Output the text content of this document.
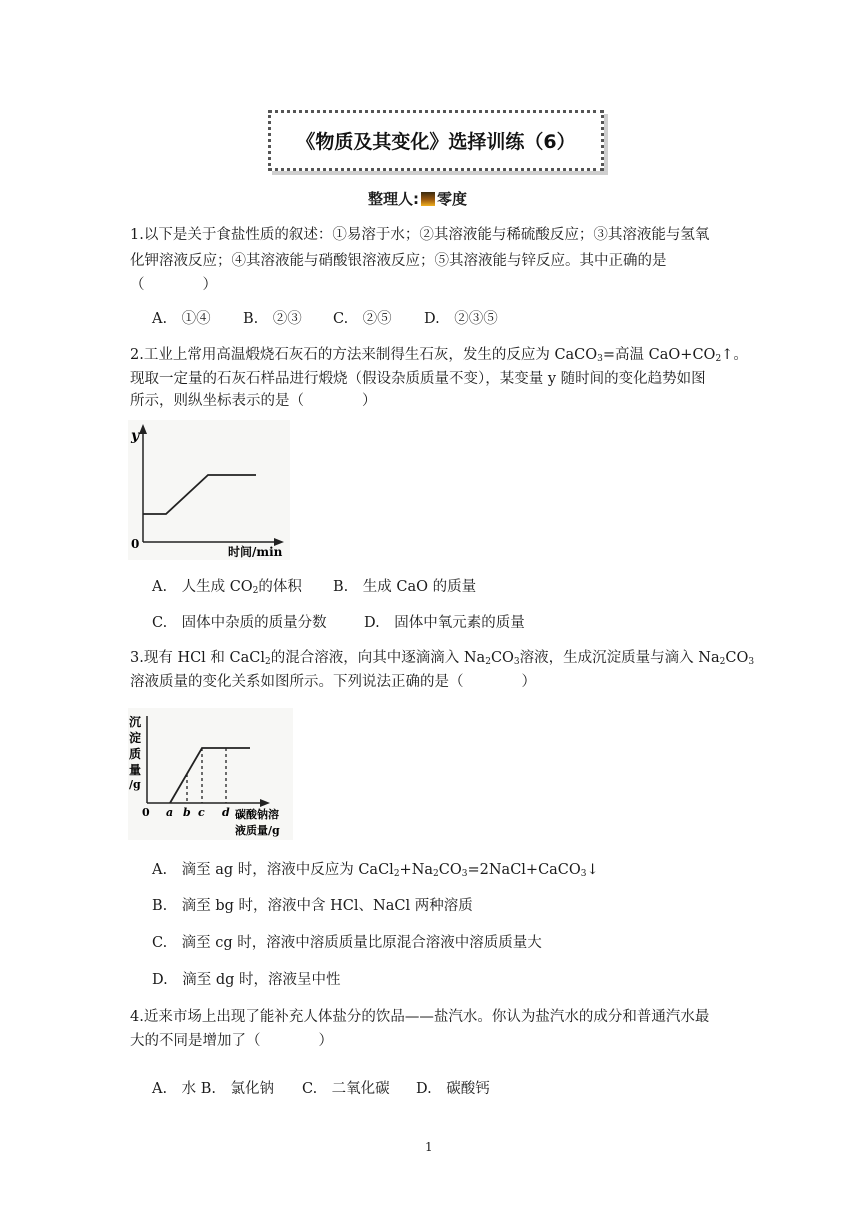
《物质及其变化》选择训练（6）
整理人: 零度
1.以下是关于食盐性质的叙述：①易溶于水；②其溶液能与稀硫酸反应；③其溶液能与氢氧
化钾溶液反应；④其溶液能与硝酸银溶液反应；⑤其溶液能与锌反应。其中正确的是
（　　　　）
A.　①④ B.　②③ C.　②⑤ D.　②③⑤
2.工业上常用高温煅烧石灰石的方法来制得生石灰，发生的反应为 CaCO$_3$=高温 $CaO+CO_2↑$。
现取一定量的石灰石样品进行煅烧（假设杂质质量不变），某变量 y 随时间的变化趋势如图
所示，则纵坐标表示的是（　　　　）
y
0
时间/min
A.　人生成 $CO_2$的体积 B.　生成 CaO 的质量
C.　固体中杂质的质量分数	D.　固体中氧元素的质量
3.现有 HCl 和 CaCl$_2$的混合溶液，向其中逐滴滴入 $Na_2CO_3$溶液，生成沉淀质量与滴入 $Na_2CO_3$
溶液质量的变化关系如图所示。下列说法正确的是（　　　　）
沉
淀
质
量
/g
0 a b c d 碳酸钠溶
液质量/g
A.　滴至 ag 时，溶液中反应为 $CaCl_2+Na_2CO_3=2NaCl+CaCO_3↓$
B.　滴至 bg 时，溶液中含 HCl、NaCl 两种溶质
C.　滴至 cg 时，溶液中溶质质量比原混合溶液中溶质质量大
D.　滴至 dg 时，溶液呈中性
4.近来市场上出现了能补充人体盐分的饮品——盐汽水。你认为盐汽水的成分和普通汽水最
大的不同是增加了（　　　　）
A.　水 B.　氯化钠 C.　二氧化碳 D.　碳酸钙
1
